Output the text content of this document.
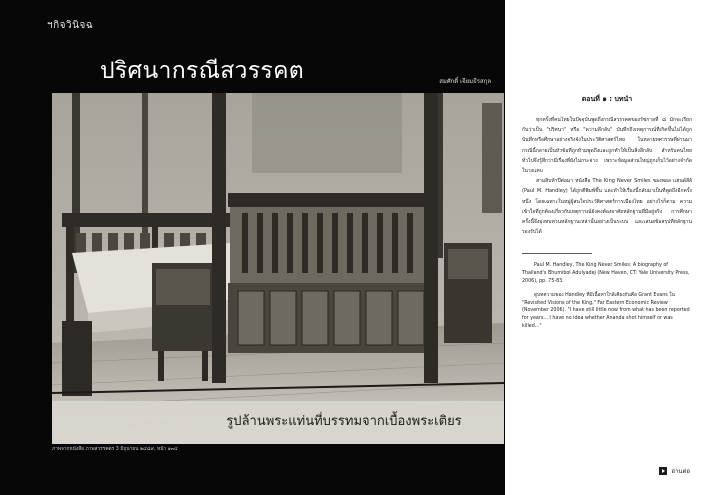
ฯกิจวินิจฉ
ปริศนากรณีสวรรคต	สมศักดิ์ เจียมธีรสกุล
รูปล้านพระแท่นที่บรรทมจากเบื้องพระเติยร
ภาพจากหนังสือ ภาพสวรรคตร 3 มิถุนายน ๒๔๘๙, หน้า ๑๓๔
ตอนที่ ๑ : บทนำ

ทุกครั้งที่คนไทยในปัจจุบันพูดถึงกรณีสวรรคตของรัชกาลที่ ๘ มักจะเรียกกันว่าเป็น "ปริศนา" หรือ "ความลึกลับ" บันทึกถึงเหตุการณ์ที่เกิดขึ้นไม่ได้ถูกบันทึกหรือศึกษาอย่างจริงจังในประวัติศาสตร์ไทย ในหลายทศวรรษที่ผ่านมา กรณีนี้กลายเป็นหัวข้อที่ถูกห้ามพูดถึงและถูกทำให้เป็นสิ่งลึกลับ สำหรับคนไทยทั่วไปจึงรู้สึกว่ามีเรื่องที่ยังไม่กระจ่าง เพราะข้อมูลส่วนใหญ่ถูกเก็บไว้อย่างจำกัดในวงแคบ

สามสิบห้าปีต่อมา หนังสือ The King Never Smiles ของพอล แฮนด์ลีย์ (Paul M. Handley) ได้ถูกตีพิมพ์ขึ้น และทำให้เรื่องนี้กลับมาเป็นที่พูดถึงอีกครั้งหนึ่ง โดยเฉพาะในหมู่ผู้สนใจประวัติศาสตร์การเมืองไทย อย่างไรก็ตาม ความเข้าใจที่ถูกต้องเกี่ยวกับเหตุการณ์ยังคงต้องอาศัยหลักฐานที่มีอยู่จริง การศึกษาครั้งนี้จึงมุ่งทบทวนหลักฐานเหล่านั้นอย่างเป็นระบบ และเสนอข้อสรุปที่หลักฐานรองรับได้

Paul M. Handley, The King Never Smiles: A biography of Thailand's Bhumibol Adulyadej (New Haven, CT: Yale University Press, 2006), pp. 75-83.

ดูบทความของ Handley ที่มีเนื้อหาใกล้เคียงกันคือ Grant Evans ใน "Revisited Visions of the King," Far Eastern Economic Review (November 2006). "I have still little now from what has been reported for years... I have no idea whether Ananda shot himself or was killed..."

อ่านต่อ
